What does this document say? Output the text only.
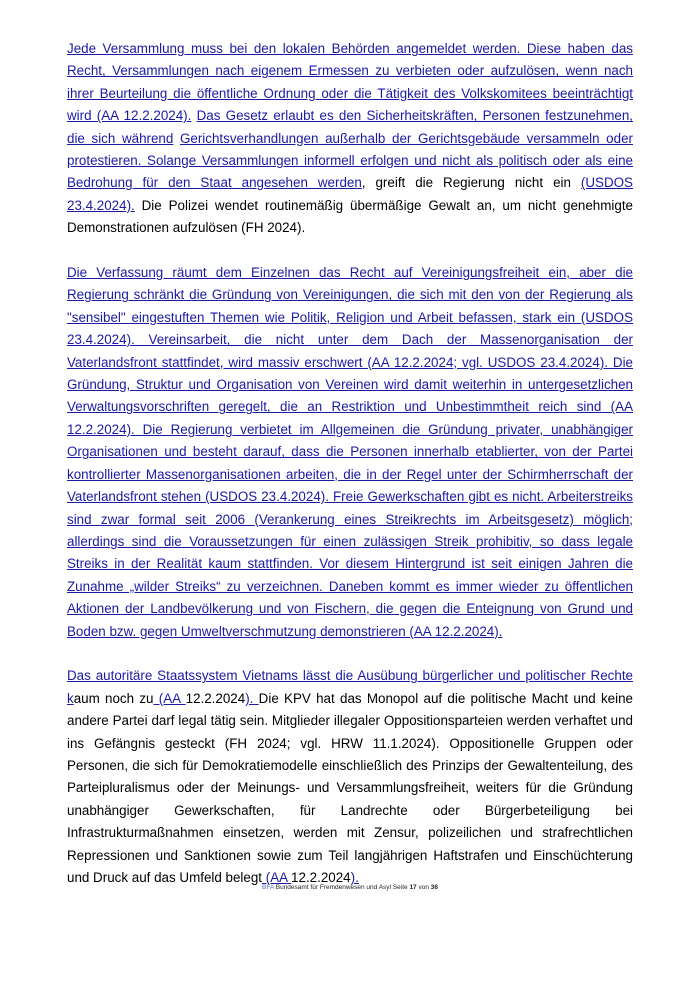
Jede Versammlung muss bei den lokalen Behörden angemeldet werden. Diese haben das Recht, Versammlungen nach eigenem Ermessen zu verbieten oder aufzulösen, wenn nach ihrer Beurteilung die öffentliche Ordnung oder die Tätigkeit des Volkskomitees beeinträchtigt wird (AA 12.2.2024). Das Gesetz erlaubt es den Sicherheitskräften, Personen festzunehmen, die sich während Gerichtsverhandlungen außerhalb der Gerichtsgebäude versammeln oder protestieren. Solange Versammlungen informell erfolgen und nicht als politisch oder als eine Bedrohung für den Staat angesehen werden, greift die Regierung nicht ein (USDOS 23.4.2024). Die Polizei wendet routinemäßig übermäßige Gewalt an, um nicht genehmigte Demonstrationen aufzulösen (FH 2024).

Die Verfassung räumt dem Einzelnen das Recht auf Vereinigungsfreiheit ein, aber die Regierung schränkt die Gründung von Vereinigungen, die sich mit den von der Regierung als "sensibel" eingestuften Themen wie Politik, Religion und Arbeit befassen, stark ein (USDOS 23.4.2024). Vereinsarbeit, die nicht unter dem Dach der Massenorganisation der Vaterlandsfront stattfindet, wird massiv erschwert (AA 12.2.2024; vgl. USDOS 23.4.2024). Die Gründung, Struktur und Organisation von Vereinen wird damit weiterhin in untergesetzlichen Verwaltungsvorschriften geregelt, die an Restriktion und Unbestimmtheit reich sind (AA 12.2.2024). Die Regierung verbietet im Allgemeinen die Gründung privater, unabhängiger Organisationen und besteht darauf, dass die Personen innerhalb etablierter, von der Partei kontrollierter Massenorganisationen arbeiten, die in der Regel unter der Schirmherrschaft der Vaterlandsfront stehen (USDOS 23.4.2024). Freie Gewerkschaften gibt es nicht. Arbeiterstreiks sind zwar formal seit 2006 (Verankerung eines Streikrechts im Arbeitsgesetz) möglich; allerdings sind die Voraussetzungen für einen zulässigen Streik prohibitiv, so dass legale Streiks in der Realität kaum stattfinden. Vor diesem Hintergrund ist seit einigen Jahren die Zunahme „wilder Streiks“ zu verzeichnen. Daneben kommt es immer wieder zu öffentlichen Aktionen der Landbevölkerung und von Fischern, die gegen die Enteignung von Grund und Boden bzw. gegen Umweltverschmutzung demonstrieren (AA 12.2.2024).

Das autoritäre Staatssystem Vietnams lässt die Ausübung bürgerlicher und politischer Rechte kaum noch zu (AA 12.2.2024). Die KPV hat das Monopol auf die politische Macht und keine andere Partei darf legal tätig sein. Mitglieder illegaler Oppositionsparteien werden verhaftet und ins Gefängnis gesteckt (FH 2024; vgl. HRW 11.1.2024). Oppositionelle Gruppen oder Personen, die sich für Demokratiemodelle einschließlich des Prinzips der Gewaltenteilung, des Parteipluralismus oder der Meinungs- und Versammlungsfreiheit, weiters für die Gründung unabhängiger Gewerkschaften, für Landrechte oder Bürgerbeteiligung bei Infrastrukturmaßnahmen einsetzen, werden mit Zensur, polizeilichen und strafrechtlichen Repressionen und Sanktionen sowie zum Teil langjährigen Haftstrafen und Einschüchterung und Druck auf das Umfeld belegt (AA 12.2.2024).

BFA Bundesamt für Fremdenwesen und Asyl Seite 17 von 36
